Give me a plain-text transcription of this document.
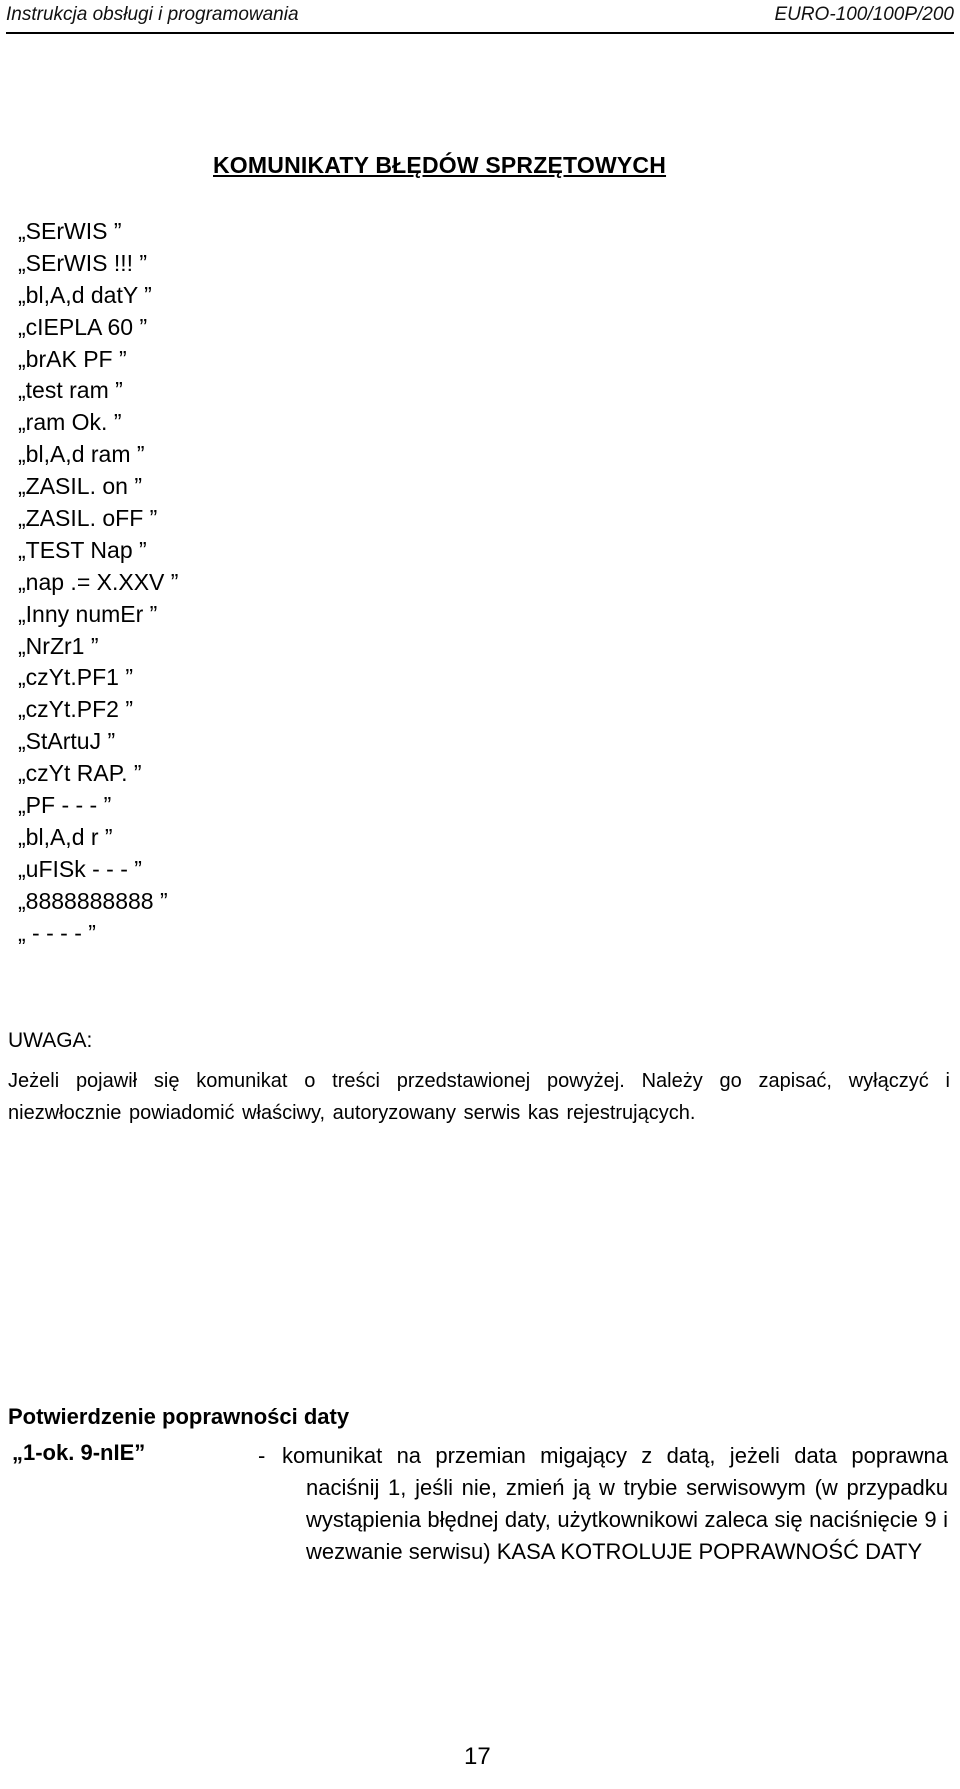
Instrukcja obsługi i programowania	EURO-100/100P/200
KOMUNIKATY BŁĘDÓW SPRZĘTOWYCH
„SErWIS ”
„SErWIS !!! ”
„bl,A,d datY ”
„cIEPLA 60 ”
„brAK PF ”
„test ram ”
„ram Ok. ”
„bl,A,d ram ”
„ZASIL. on ”
„ZASIL. oFF ”
„TEST Nap ”
„nap .= X.XXV ”
„Inny numEr ”
„NrZr1 ”
„czYt.PF1 ”
„czYt.PF2 ”
„StArtuJ ”
„czYt RAP. ”
„PF - - - ”
„bl,A,d r ”
„uFISk - - - ”
„8888888888 ”
„ - - - - ”
UWAGA:
Jeżeli pojawił się komunikat o treści przedstawionej powyżej. Należy go zapisać, wyłączyć i niezwłocznie powiadomić właściwy, autoryzowany serwis kas rejestrujących.
Potwierdzenie poprawności daty
„1-ok. 9-nIE”	- komunikat na przemian migający z datą, jeżeli data poprawna naciśnij 1, jeśli nie, zmień ją w trybie serwisowym (w przypadku wystąpienia błędnej daty, użytkownikowi zaleca się naciśnięcie 9 i wezwanie serwisu) KASA KOTROLUJE POPRAWNOŚĆ DATY
17
